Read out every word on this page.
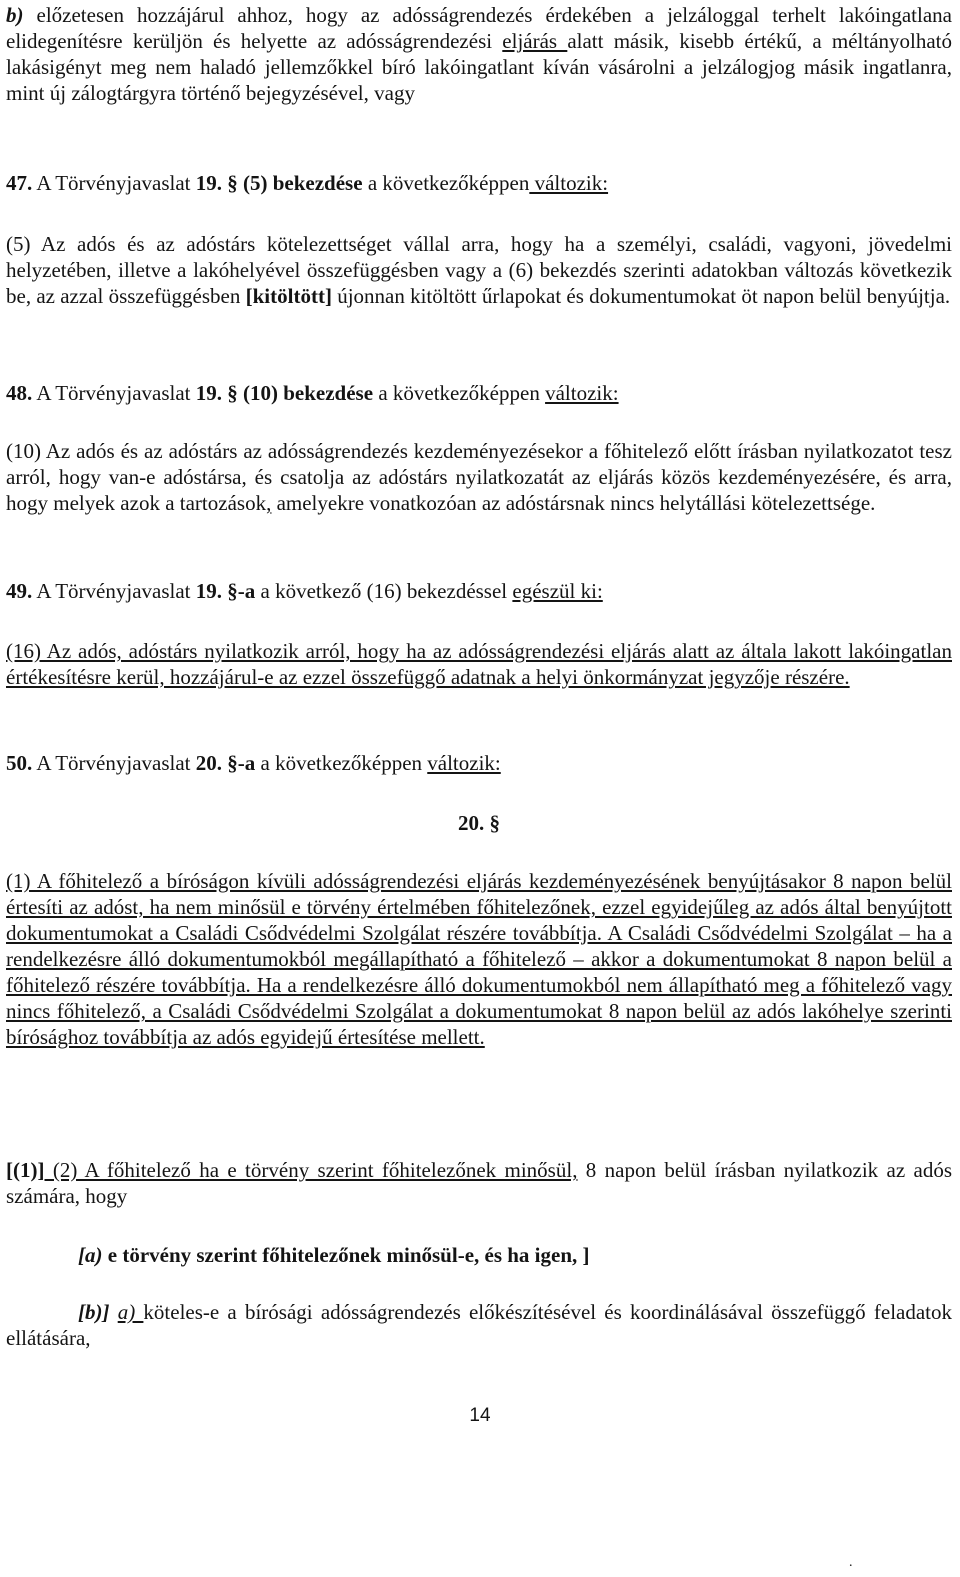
b) előzetesen hozzájárul ahhoz, hogy az adósságrendezés érdekében a jelzáloggal terhelt lakóingatlana elidegenítésre kerüljön és helyette az adósságrendezési eljárás alatt másik, kisebb értékű, a méltányolható lakásigényt meg nem haladó jellemzőkkel bíró lakóingatlant kíván vásárolni a jelzálogjog másik ingatlanra, mint új zálogtárgyra történő bejegyzésével, vagy

47. A Törvényjavaslat 19. § (5) bekezdése a következőképpen változik:

(5) Az adós és az adóstárs kötelezettséget vállal arra, hogy ha a személyi, családi, vagyoni, jövedelmi helyzetében, illetve a lakóhelyével összefüggésben vagy a (6) bekezdés szerinti adatokban változás következik be, az azzal összefüggésben [kitöltött] újonnan kitöltött űrlapokat és dokumentumokat öt napon belül benyújtja.

48. A Törvényjavaslat 19. § (10) bekezdése a következőképpen változik:

(10) Az adós és az adóstárs az adósságrendezés kezdeményezésekor a főhitelező előtt írásban nyilatkozatot tesz arról, hogy van-e adóstársa, és csatolja az adóstárs nyilatkozatát az eljárás közös kezdeményezésére, és arra, hogy melyek azok a tartozások, amelyekre vonatkozóan az adóstársnak nincs helytállási kötelezettsége.

49. A Törvényjavaslat 19. §-a a következő (16) bekezdéssel egészül ki:

(16) Az adós, adóstárs nyilatkozik arról, hogy ha az adósságrendezési eljárás alatt az általa lakott lakóingatlan értékesítésre kerül, hozzájárul-e az ezzel összefüggő adatnak a helyi önkormányzat jegyzője részére.

50. A Törvényjavaslat 20. §-a a következőképpen változik:

20. §

(1) A főhitelező a bíróságon kívüli adósságrendezési eljárás kezdeményezésének benyújtásakor 8 napon belül értesíti az adóst, ha nem minősül e törvény értelmében főhitelezőnek, ezzel egyidejűleg az adós által benyújtott dokumentumokat a Családi Csődvédelmi Szolgálat részére továbbítja. A Családi Csődvédelmi Szolgálat – ha a rendelkezésre álló dokumentumokból megállapítható a főhitelező – akkor a dokumentumokat 8 napon belül a főhitelező részére továbbítja. Ha a rendelkezésre álló dokumentumokból nem állapítható meg a főhitelező vagy nincs főhitelező, a Családi Csődvédelmi Szolgálat a dokumentumokat 8 napon belül az adós lakóhelye szerinti bírósághoz továbbítja az adós egyidejű értesítése mellett.

[(1)] (2) A főhitelező ha e törvény szerint főhitelezőnek minősül, 8 napon belül írásban nyilatkozik az adós számára, hogy

[a) e törvény szerint főhitelezőnek minősül-e, és ha igen, ]

[b)] a) köteles-e a bírósági adósságrendezés előkészítésével és koordinálásával összefüggő feladatok ellátására,

14
.
